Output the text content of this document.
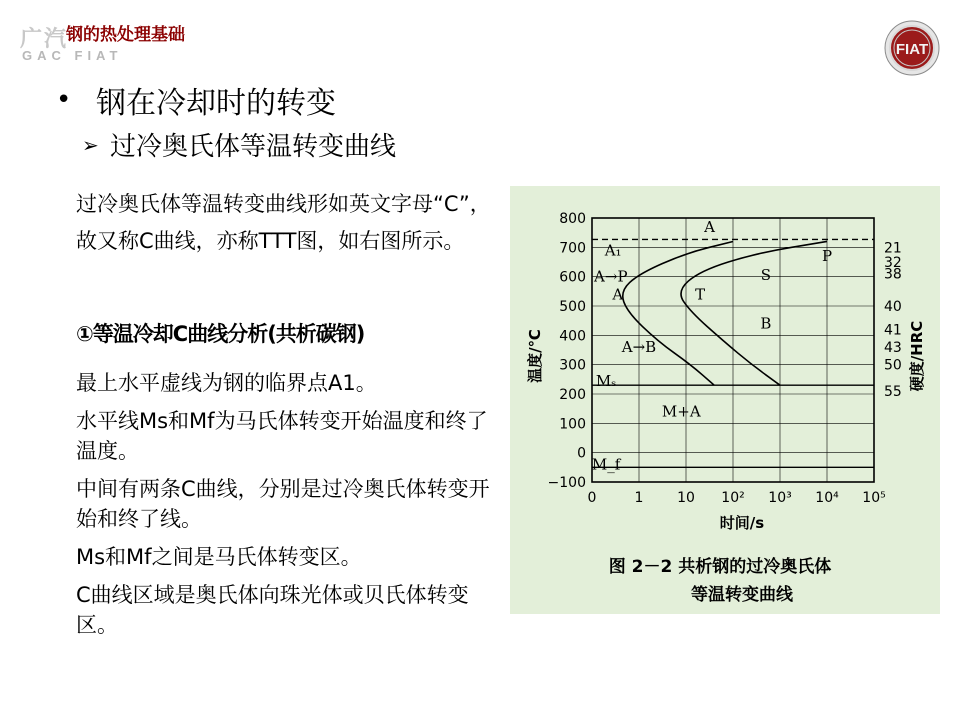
广汽
GAC FIAT
钢的热处理基础
FIAT
• 钢在冷却时的转变
➢ 过冷奥氏体等温转变曲线
过冷奥氏体等温转变曲线形如英文字母“C”，故又称C曲线，亦称TTT图，如右图所示。
①等温冷却C曲线分析(共析碳钢)
最上水平虚线为钢的临界点A1。
水平线Ms和Mf为马氏体转变开始温度和终了温度。
中间有两条C曲线，分别是过冷奥氏体转变开始和终了线。
Ms和Mf之间是马氏体转变区。
C曲线区域是奥氏体向珠光体或贝氏体转变区。
800
700
600
500
400
300
200
100
0
−100
0	1 10 10² 10³ 10⁴ 10⁵
21
32
38
40
41
43
50
55
A
A₁
A→P
A
P
S
T
B
A→B
Mₛ
M+A
M_f
温度/℃	硬度/HRC
时间/s
图 2－2 共析钢的过冷奥氏体
等温转变曲线
